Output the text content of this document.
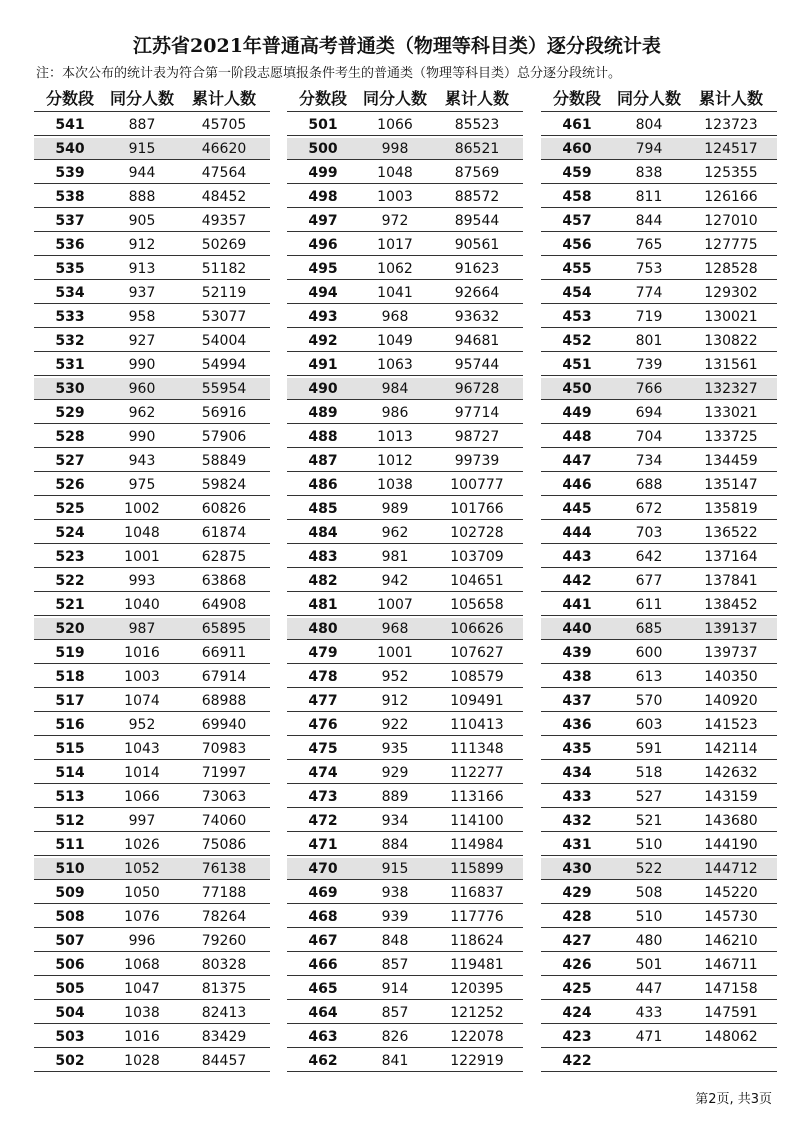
江苏省2021年普通高考普通类（物理等科目类）逐分段统计表
注：本次公布的统计表为符合第一阶段志愿填报条件考生的普通类（物理等科目类）总分逐分段统计。
分数段 同分人数	累计人数
541	887	45705
540	915	46620
539	944	47564
538	888	48452
537	905	49357
536	912	50269
535	913	51182
534	937	52119
533	958	53077
532	927	54004
531	990	54994
530	960	55954
529	962	56916
528	990	57906
527	943	58849
526	975	59824
525	1002	60826
524	1048	61874
523	1001	62875
522	993	63868
521	1040	64908
520	987	65895
519	1016	66911
518	1003	67914
517	1074	68988
516	952	69940
515	1043	70983
514	1014	71997
513	1066	73063
512	997	74060
511	1026	75086
510	1052	76138
509	1050	77188
508	1076	78264
507	996	79260
506	1068	80328
505	1047	81375
504	1038	82413
503	1016	83429
502	1028	84457
分数段 同分人数	累计人数
501	1066	85523
500	998	86521
499	1048	87569
498	1003	88572
497	972	89544
496	1017	90561
495	1062	91623
494	1041	92664
493	968	93632
492	1049	94681
491	1063	95744
490	984	96728
489	986	97714
488	1013	98727
487	1012	99739
486	1038	100777
485	989	101766
484	962	102728
483	981	103709
482	942	104651
481	1007	105658
480	968	106626
479	1001	107627
478	952	108579
477	912	109491
476	922	110413
475	935	111348
474	929	112277
473	889	113166
472	934	114100
471	884	114984
470	915	115899
469	938	116837
468	939	117776
467	848	118624
466	857	119481
465	914	120395
464	857	121252
463	826	122078
462	841	122919
分数段 同分人数	累计人数
461	804	123723
460	794	124517
459	838	125355
458	811	126166
457	844	127010
456	765	127775
455	753	128528
454	774	129302
453	719	130021
452	801	130822
451	739	131561
450	766	132327
449	694	133021
448	704	133725
447	734	134459
446	688	135147
445	672	135819
444	703	136522
443	642	137164
442	677	137841
441	611	138452
440	685	139137
439	600	139737
438	613	140350
437	570	140920
436	603	141523
435	591	142114
434	518	142632
433	527	143159
432	521	143680
431	510	144190
430	522	144712
429	508	145220
428	510	145730
427	480	146210
426	501	146711
425	447	147158
424	433	147591
423	471	148062
422
第2页, 共3页
